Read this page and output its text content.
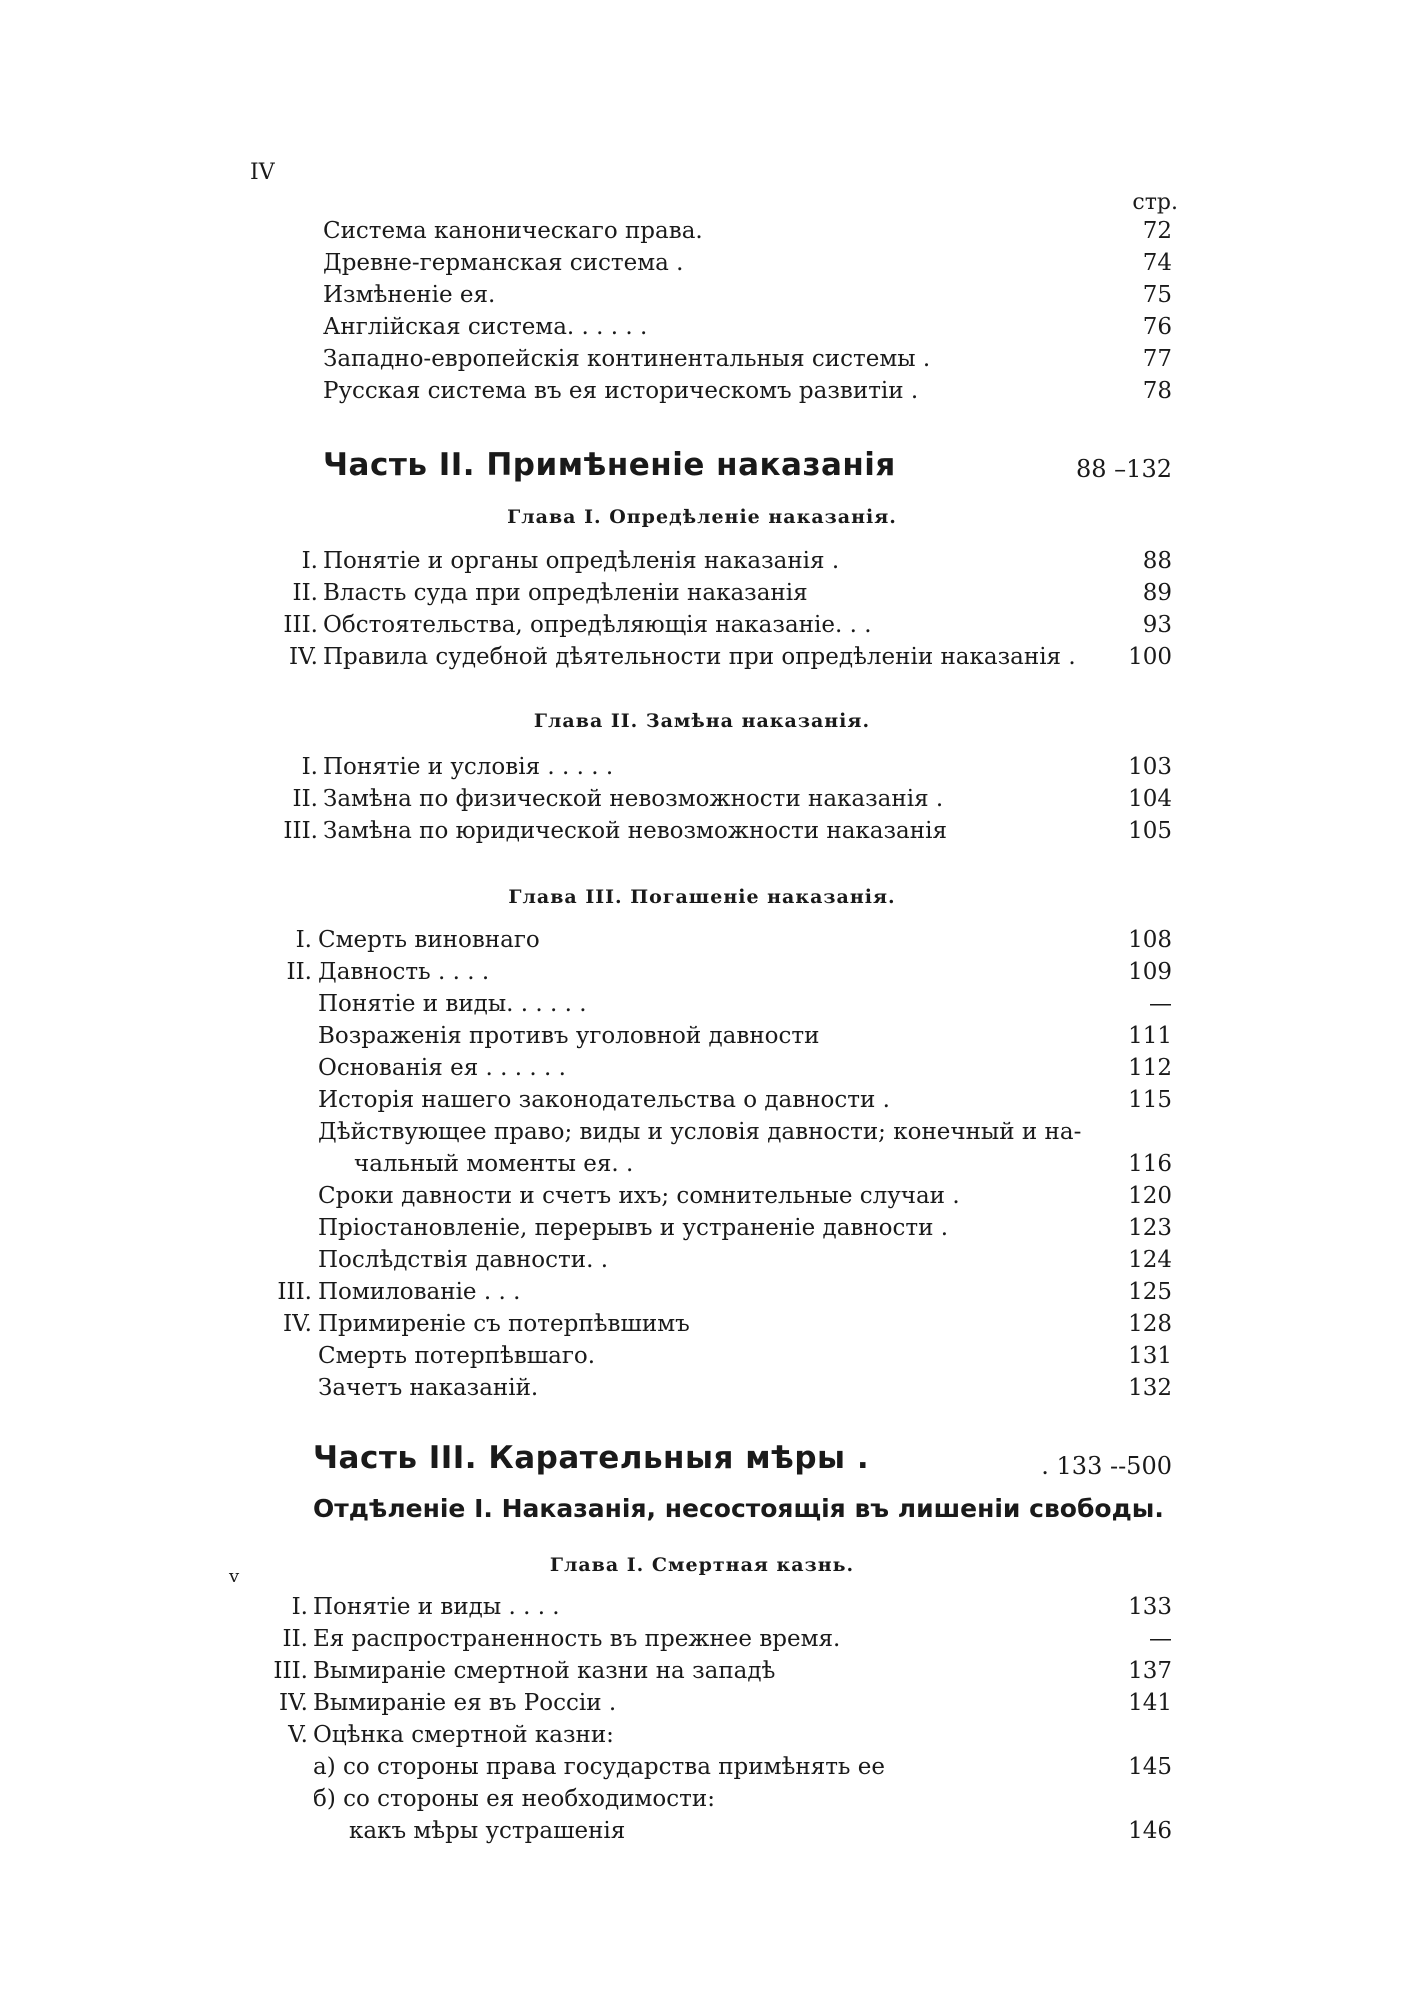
IV
v
стр.
Система каноническаго права.	72
Древне-германская система .	74
Измѣненіе ея.	75
Англійская система. . . . . .	76
Западно-европейскія континентальныя системы .	77
Русская система въ ея историческомъ развитіи .	78
Часть II. Примѣненіе наказанія	88 –132
Глава I. Опредѣленіе наказанія.
I. Понятіе и органы опредѣленія наказанія .	88
II. Власть суда при опредѣленіи наказанія	89
III. Обстоятельства, опредѣляющія наказаніе. . .	93
IV. Правила судебной дѣятельности при опредѣленіи наказанія . 100
Глава II. Замѣна наказанія.
I. Понятіе и условія . . . . .	103
II. Замѣна по физической невозможности наказанія .	104
III. Замѣна по юридической невозможности наказанія	105
Глава III. Погашеніе наказанія.
I. Смерть виновнаго	108
II. Давность . . . .	109
Понятіе и виды. . . . . .	—
Возраженія противъ уголовной давности	111
Основанія ея . . . . . .	112
Исторія нашего законодательства о давности .	115
Дѣйствующее право; виды и условія давности; конечный и на-
чальный моменты ея. .	116
Сроки давности и счетъ ихъ; сомнительные случаи .	120
Пріостановленіе, перерывъ и устраненіе давности .	123
Послѣдствія давности. .	124
III. Помилованіе . . .	125
IV. Примиреніе съ потерпѣвшимъ	128
Смерть потерпѣвшаго.	131
Зачетъ наказаній.	132
Часть III. Карательныя мѣры .	. 133 --500
Отдѣленіе I. Наказанія, несостоящія въ лишеніи свободы.
Глава I. Смертная казнь.
I. Понятіе и виды . . . .	133
II. Ея распространенность въ прежнее время.	—
III. Вымираніе смертной казни на западѣ	137
IV. Вымираніе ея въ Россіи .	141
V. Оцѣнка смертной казни:
а) со стороны права государства примѣнять ее	145
б) со стороны ея необходимости:
какъ мѣры устрашенія	146
